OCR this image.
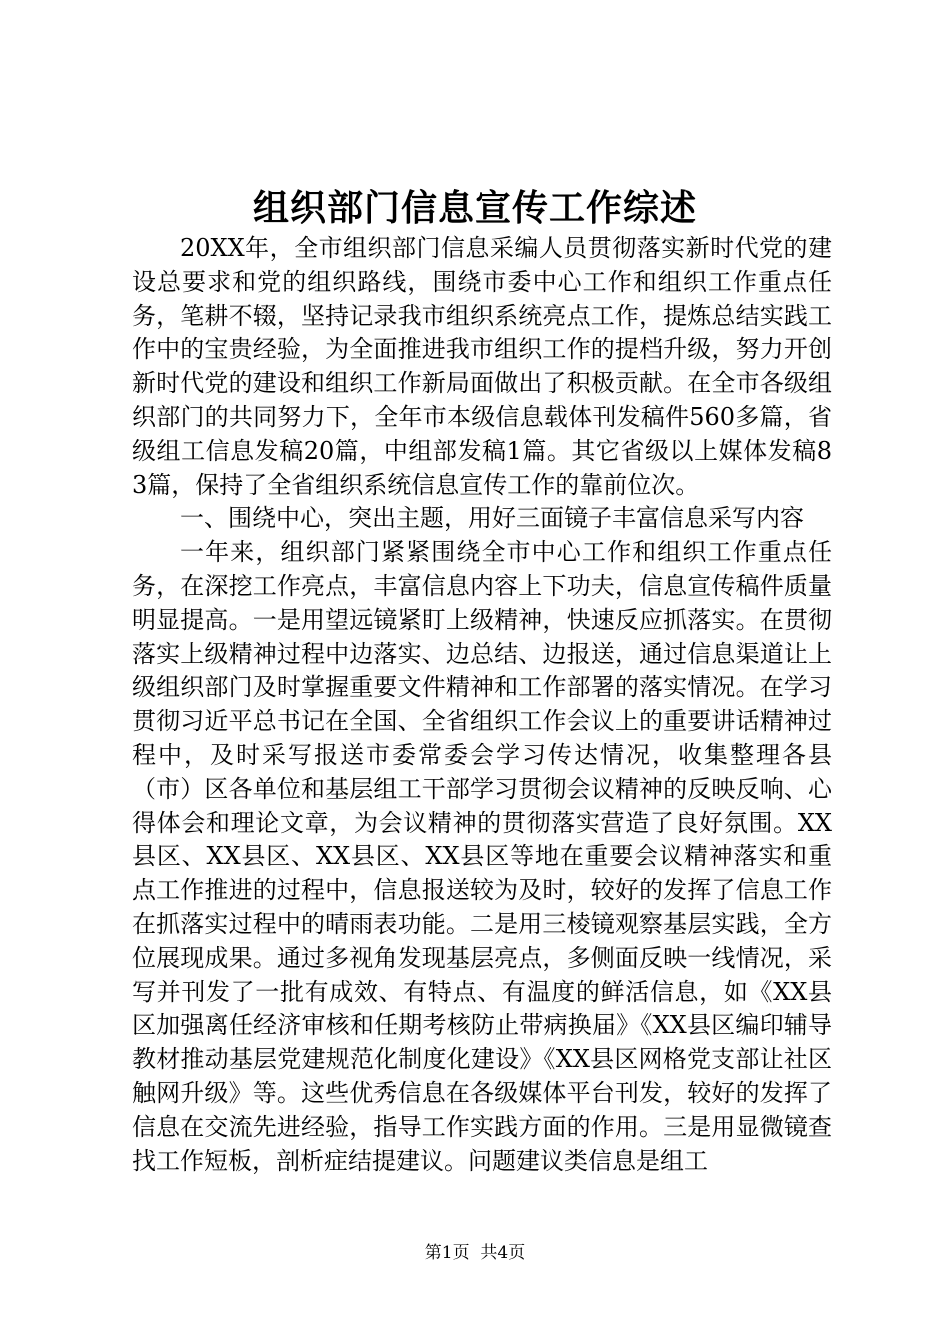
组织部门信息宣传工作综述

20XX年，全市组织部门信息采编人员贯彻落实新时代党的建设总要求和党的组织路线，围绕市委中心工作和组织工作重点任务，笔耕不辍，坚持记录我市组织系统亮点工作，提炼总结实践工作中的宝贵经验，为全面推进我市组织工作的提档升级，努力开创新时代党的建设和组织工作新局面做出了积极贡献。在全市各级组织部门的共同努力下，全年市本级信息载体刊发稿件560多篇，省级组工信息发稿20篇，中组部发稿1篇。其它省级以上媒体发稿83篇，保持了全省组织系统信息宣传工作的靠前位次。

一、围绕中心，突出主题，用好三面镜子丰富信息采写内容

一年来，组织部门紧紧围绕全市中心工作和组织工作重点任务，在深挖工作亮点，丰富信息内容上下功夫，信息宣传稿件质量明显提高。一是用望远镜紧盯上级精神，快速反应抓落实。在贯彻落实上级精神过程中边落实、边总结、边报送，通过信息渠道让上级组织部门及时掌握重要文件精神和工作部署的落实情况。在学习贯彻习近平总书记在全国、全省组织工作会议上的重要讲话精神过程中，及时采写报送市委常委会学习传达情况，收集整理各县（市）区各单位和基层组工干部学习贯彻会议精神的反映反响、心得体会和理论文章，为会议精神的贯彻落实营造了良好氛围。XX县区、XX县区、XX县区、XX县区等地在重要会议精神落实和重点工作推进的过程中，信息报送较为及时，较好的发挥了信息工作在抓落实过程中的晴雨表功能。二是用三棱镜观察基层实践，全方位展现成果。通过多视角发现基层亮点，多侧面反映一线情况，采写并刊发了一批有成效、有特点、有温度的鲜活信息，如《XX县区加强离任经济审核和任期考核防止带病换届》《XX县区编印辅导教材推动基层党建规范化制度化建设》《XX县区网格党支部让社区触网升级》等。这些优秀信息在各级媒体平台刊发，较好的发挥了信息在交流先进经验，指导工作实践方面的作用。三是用显微镜查找工作短板，剖析症结提建议。问题建议类信息是组工

第1页 共4页
